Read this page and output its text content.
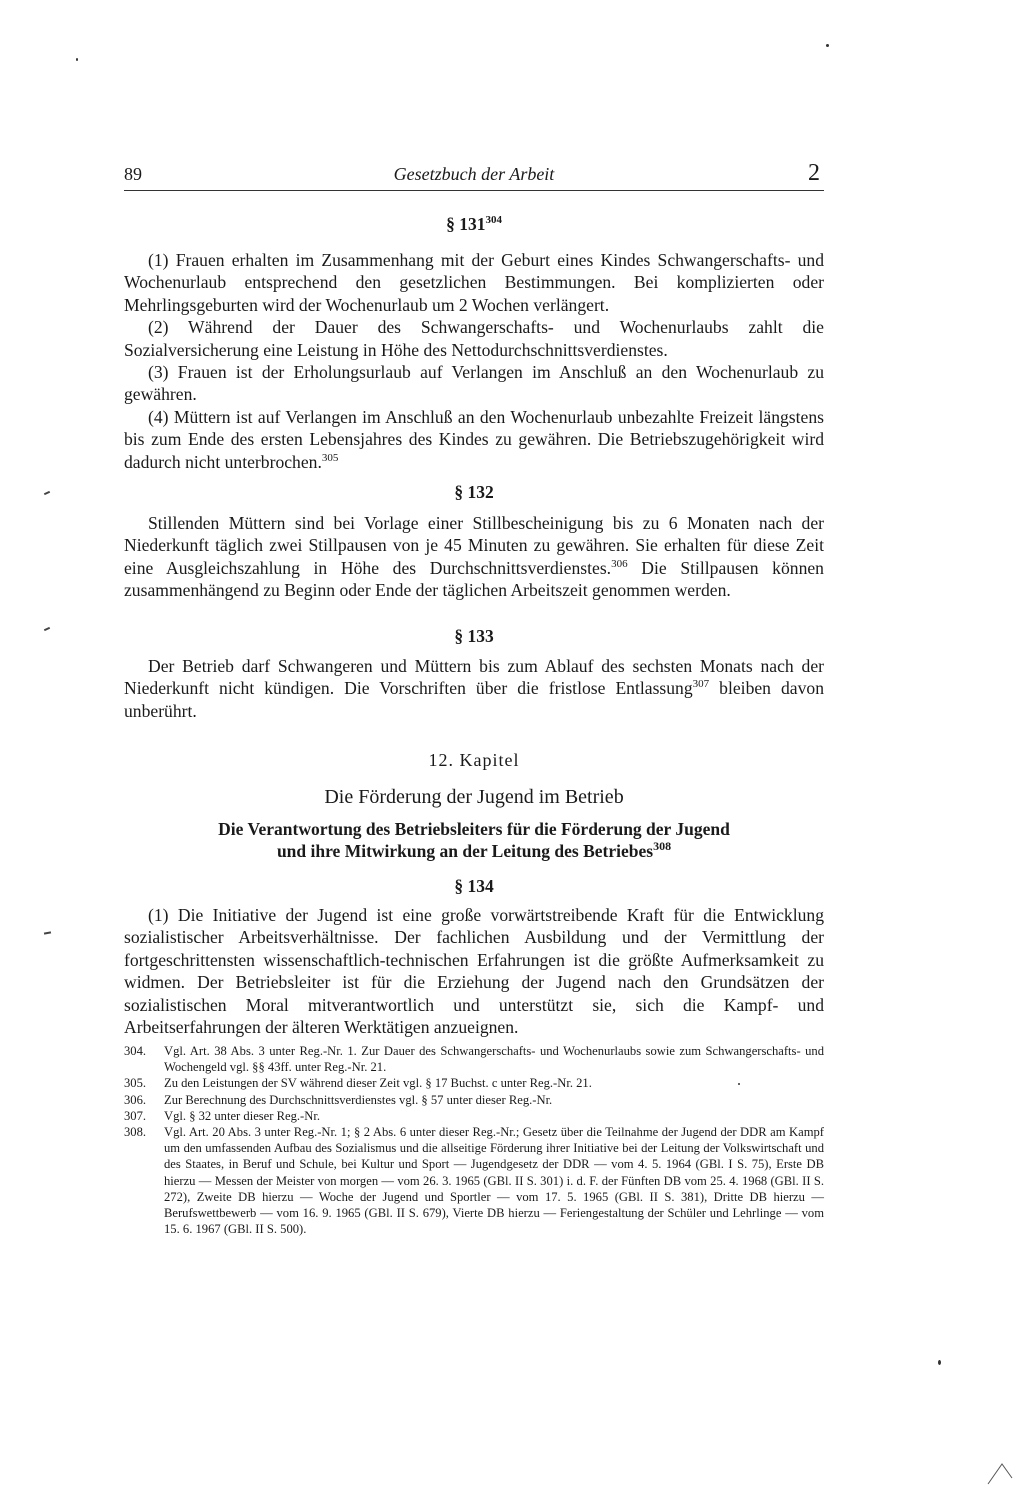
89	Gesetzbuch der Arbeit	2
§ $131^{304}$

(1) Frauen erhalten im Zusammenhang mit der Geburt eines Kindes Schwangerschafts- und Wochenurlaub entsprechend den gesetzlichen Bestimmungen. Bei komplizierten oder Mehrlingsgeburten wird der Wochenurlaub um 2 Wochen verlängert.

(2) Während der Dauer des Schwangerschafts- und Wochenurlaubs zahlt die Sozialversicherung eine Leistung in Höhe des Nettodurchschnittsverdienstes.

(3) Frauen ist der Erholungsurlaub auf Verlangen im Anschluß an den Wochenurlaub zu gewähren.

(4) Müttern ist auf Verlangen im Anschluß an den Wochenurlaub unbezahlte Freizeit längstens bis zum Ende des ersten Lebensjahres des Kindes zu gewähren. Die Betriebszugehörigkeit wird dadurch nicht unterbrochen.$^{305}$

§ 132

Stillenden Müttern sind bei Vorlage einer Stillbescheinigung bis zu 6 Monaten nach der Niederkunft täglich zwei Stillpausen von je 45 Minuten zu gewähren. Sie erhalten für diese Zeit eine Ausgleichszahlung in Höhe des Durchschnittsverdienstes.$^{306}$ Die Stillpausen können zusammenhängend zu Beginn oder Ende der täglichen Arbeitszeit genommen werden.

§ 133

Der Betrieb darf Schwangeren und Müttern bis zum Ablauf des sechsten Monats nach der Niederkunft nicht kündigen. Die Vorschriften über die fristlose Entlassung$^{307}$ bleiben davon unberührt.

12. Kapitel
Die Förderung der Jugend im Betrieb
Die Verantwortung des Betriebsleiters für die Förderung der Jugend
und ihre Mitwirkung an der Leitung des Betriebes$^{308}$
§ 134

(1) Die Initiative der Jugend ist eine große vorwärtstreibende Kraft für die Entwicklung sozialistischer Arbeitsverhältnisse. Der fachlichen Ausbildung und der Vermittlung der fortgeschrittensten wissenschaftlich-technischen Erfahrungen ist die größte Aufmerksamkeit zu widmen. Der Betriebsleiter ist für die Erziehung der Jugend nach den Grundsätzen der sozialistischen Moral mitverantwortlich und unterstützt sie, sich die Kampf- und Arbeitserfahrungen der älteren Werktätigen anzueignen.

304.	Vgl. Art. 38 Abs. 3 unter Reg.-Nr. 1. Zur Dauer des Schwangerschafts- und Wochenurlaubs sowie zum Schwangerschafts- und Wochengeld vgl. §§ 43ff. unter Reg.-Nr. 21.
305.	Zu den Leistungen der SV während dieser Zeit vgl. § 17 Buchst. c unter Reg.-Nr. 21.
306.	Zur Berechnung des Durchschnittsverdienstes vgl. § 57 unter dieser Reg.-Nr.
307.	Vgl. § 32 unter dieser Reg.-Nr.
308.	Vgl. Art. 20 Abs. 3 unter Reg.-Nr. 1; § 2 Abs. 6 unter dieser Reg.-Nr.; Gesetz über die Teilnahme der Jugend der DDR am Kampf um den umfassenden Aufbau des Sozialismus und die allseitige Förderung ihrer Initiative bei der Leitung der Volkswirtschaft und des Staates, in Beruf und Schule, bei Kultur und Sport — Jugendgesetz der DDR — vom 4. 5. 1964 (GBl. I S. 75), Erste DB hierzu — Messen der Meister von morgen — vom 26. 3. 1965 (GBl. II S. 301) i. d. F. der Fünften DB vom 25. 4. 1968 (GBl. II S. 272), Zweite DB hierzu — Woche der Jugend und Sportler — vom 17. 5. 1965 (GBl. II S. 381), Dritte DB hierzu — Berufswettbewerb — vom 16. 9. 1965 (GBl. II S. 679), Vierte DB hierzu — Feriengestaltung der Schüler und Lehrlinge — vom 15. 6. 1967 (GBl. II S. 500).
